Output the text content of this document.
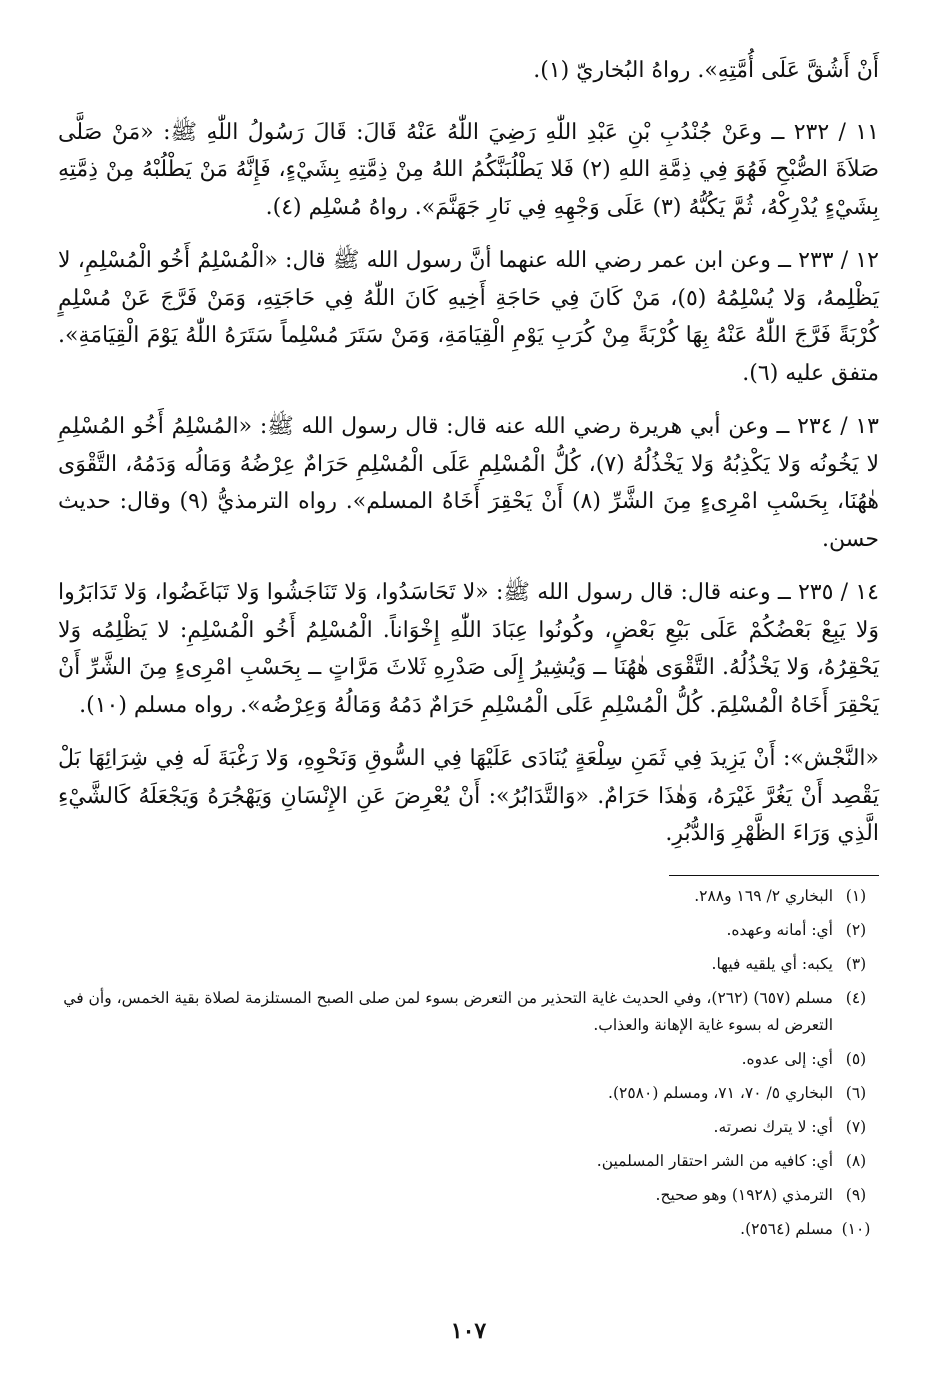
أَنْ أَشُقَّ عَلَى أُمَّتِهِ». رواهُ البُخاريّ (١).

١١ / ٢٣٢ ــ وعَنْ جُنْدُبِ بْنِ عَبْدِ اللّٰهِ رَضِيَ اللّٰهُ عَنْهُ قَالَ: قَالَ رَسُولُ اللّٰهِ ﷺ: «مَنْ صَلَّى صَلاَةَ الصُّبْحِ فَهُوَ فِي ذِمَّةِ اللهِ (٢) فَلا يَطْلُبَنَّكُمُ اللهُ مِنْ ذِمَّتِهِ بِشَيْءٍ، فَإِنَّهُ مَنْ يَطْلُبْهُ مِنْ ذِمَّتِهِ بِشَيْءٍ يُدْرِكْهُ، ثُمَّ يَكُبُّهُ (٣) عَلَى وَجْهِهِ فِي نَارِ جَهَنَّمَ». رواهُ مُسْلِم (٤).

١٢ / ٢٣٣ ــ وعن ابن عمر رضي الله عنهما أنَّ رسول الله ﷺ قال: «الْمُسْلِمُ أَخُو الْمُسْلِمِ، لا يَظْلِمهُ، وَلا يُسْلِمُهُ (٥)، مَنْ كَانَ فِي حَاجَةِ أَخِيهِ كَانَ اللّٰهُ فِي حَاجَتِهِ، وَمَنْ فَرَّجَ عَنْ مُسْلِمٍ كُرْبَةً فَرَّجَ اللّٰهُ عَنْهُ بِهَا كُرْبَةً مِنْ كُرَبِ يَوْمِ الْقِيَامَةِ، وَمَنْ سَتَرَ مُسْلِماً سَتَرَهُ اللّٰهُ يَوْمَ الْقِيَامَةِ». متفق عليه (٦).

١٣ / ٢٣٤ ــ وعن أبي هريرة رضي الله عنه قال: قال رسول الله ﷺ: «المُسْلِمُ أَخُو المُسْلِمِ لا يَخُونُه وَلا يَكْذِبُهُ وَلا يَخْذُلُهُ (٧)، كُلُّ الْمُسْلِمِ عَلَى الْمُسْلِمِ حَرَامٌ عِرْضُهُ وَمَالُه وَدَمُهُ، التَّقْوَى هٰهُنَا، بِحَسْبِ امْرِىءٍ مِنَ الشَّرِّ (٨) أَنْ يَحْقِرَ أَخَاهُ المسلم». رواه الترمذيُّ (٩) وقال: حديث حسن.

١٤ / ٢٣٥ ــ وعنه قال: قال رسول الله ﷺ: «لا تَحَاسَدُوا، وَلا تَنَاجَشُوا وَلا تَبَاغَضُوا، وَلا تَدَابَرُوا وَلا يَبِعْ بَعْضُكُمْ عَلَى بَيْعِ بَعْضٍ، وكُونُوا عِبَادَ اللّٰهِ إِخْوَاناً. الْمُسْلِمُ أَخُو الْمُسْلِمِ: لا يَظْلِمُه وَلا يَحْقِرُهُ، وَلا يَخْذُلُهُ. التَّقْوَى هٰهُنَا ــ وَيُشِيرُ إِلَى صَدْرِهِ ثَلاثَ مَرَّاتٍ ــ بِحَسْبِ امْرِىءٍ مِنَ الشَّرِّ أَنْ يَحْقِرَ أَخَاهُ الْمُسْلِمَ. كُلُّ الْمُسْلِمِ عَلَى الْمُسْلِمِ حَرَامٌ دَمُهُ وَمَالُهُ وَعِرْضُه». رواه مسلم (١٠).

«النَّجْش»: أَنْ يَزِيدَ فِي ثَمَنِ سِلْعَةٍ يُنَادَى عَلَيْهَا فِي السُّوقِ وَنَحْوِهِ، وَلا رَغْبَةَ لَه فِي شِرَائِهَا بَلْ يَقْصِد أَنْ يَغُرَّ غَيْرَهُ، وَهٰذَا حَرَامٌ. «وَالتَّدَابُرُ»: أَنْ يُعْرِضَ عَنِ الإِنْسَانِ وَيَهْجُرَهُ وَيَجْعَلَهُ كَالشَّيْءِ الَّذِي وَرَاءَ الظَّهْرِ وَالدُّبُرِ.

(١)
البخاري ٢/ ١٦٩ و٢٨٨.
(٢)
أي: أمانه وعهده.
(٣)
يكبه: أي يلقيه فيها.
(٤)
مسلم (٦٥٧) (٢٦٢)، وفي الحديث غاية التحذير من التعرض بسوء لمن صلى الصبح المستلزمة لصلاة بقية الخمس، وأن في التعرض له بسوء غاية الإهانة والعذاب.
(٥)
أي: إلى عدوه.
(٦)
البخاري ٥/ ٧٠، ٧١، ومسلم (٢٥٨٠).
(٧)
أي: لا يترك نصرته.
(٨)
أي: كافيه من الشر احتقار المسلمين.
(٩)
الترمذي (١٩٢٨) وهو صحيح.
(١٠)
مسلم (٢٥٦٤).
١٠٧
